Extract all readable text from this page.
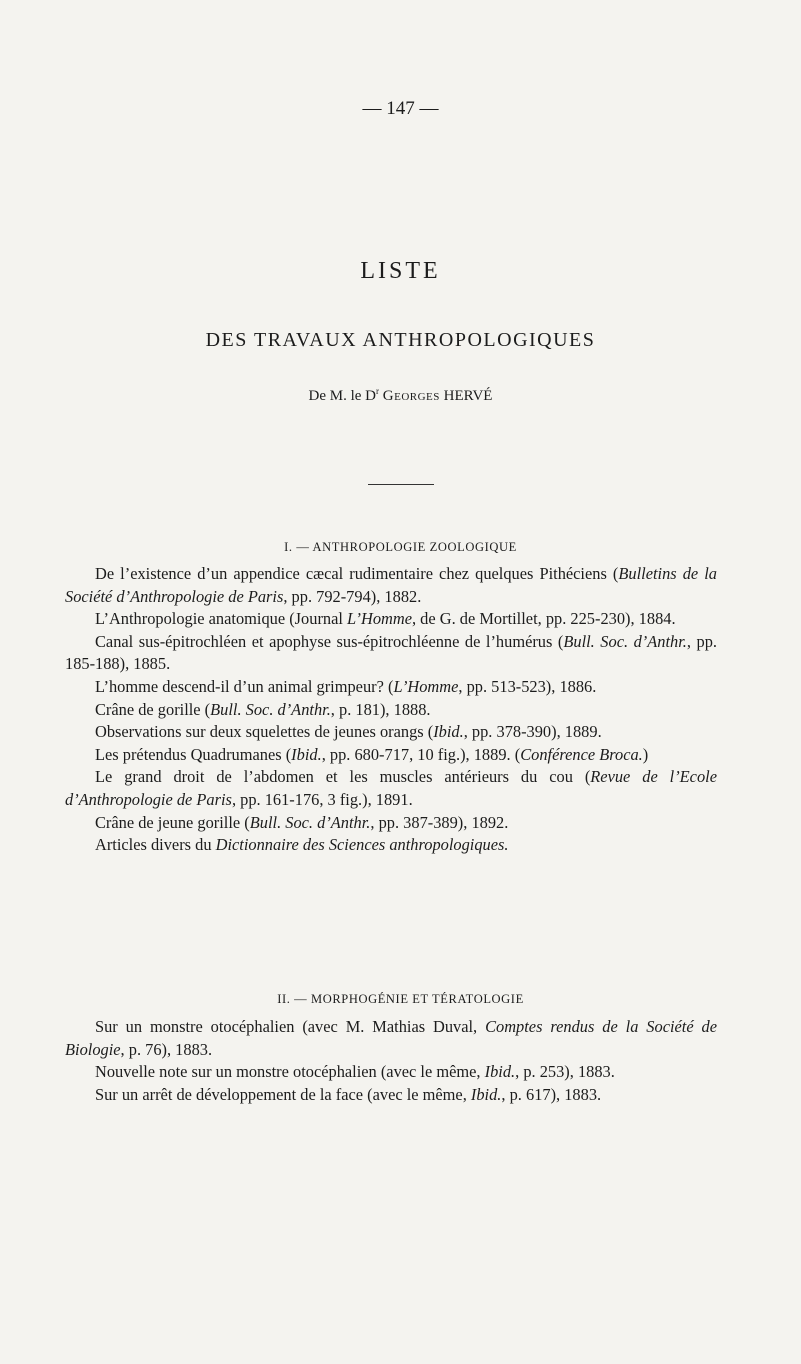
— 147 —
LISTE
DES TRAVAUX ANTHROPOLOGIQUES
De M. le $D^r$ Georges HERVÉ
I. — ANTHROPOLOGIE ZOOLOGIQUE

De l’existence d’un appendice cæcal rudimentaire chez quelques Pithéciens (Bulletins de la Société d’Anthropologie de Paris, pp. 792-794), 1882.

L’Anthropologie anatomique (Journal L’Homme, de G. de Mortillet, pp. 225-230), 1884.

Canal sus-épitrochléen et apophyse sus-épitrochléenne de l’humérus (Bull. Soc. d’Anthr., pp. 185-188), 1885.

L’homme descend-il d’un animal grimpeur? (L’Homme, pp. 513-523), 1886.

Crâne de gorille (Bull. Soc. d’Anthr., p. 181), 1888.

Observations sur deux squelettes de jeunes orangs (Ibid., pp. 378-390), 1889.

Les prétendus Quadrumanes (Ibid., pp. 680-717, 10 fig.), 1889. (Conférence Broca.)

Le grand droit de l’abdomen et les muscles antérieurs du cou (Revue de l’Ecole d’Anthropologie de Paris, pp. 161-176, 3 fig.), 1891.

Crâne de jeune gorille (Bull. Soc. d’Anthr., pp. 387-389), 1892.

Articles divers du Dictionnaire des Sciences anthropologiques.

II. — MORPHOGÉNIE ET TÉRATOLOGIE

Sur un monstre otocéphalien (avec M. Mathias Duval, Comptes rendus de la Société de Biologie, p. 76), 1883.

Nouvelle note sur un monstre otocéphalien (avec le même, Ibid., p. 253), 1883.

Sur un arrêt de développement de la face (avec le même, Ibid., p. 617), 1883.
